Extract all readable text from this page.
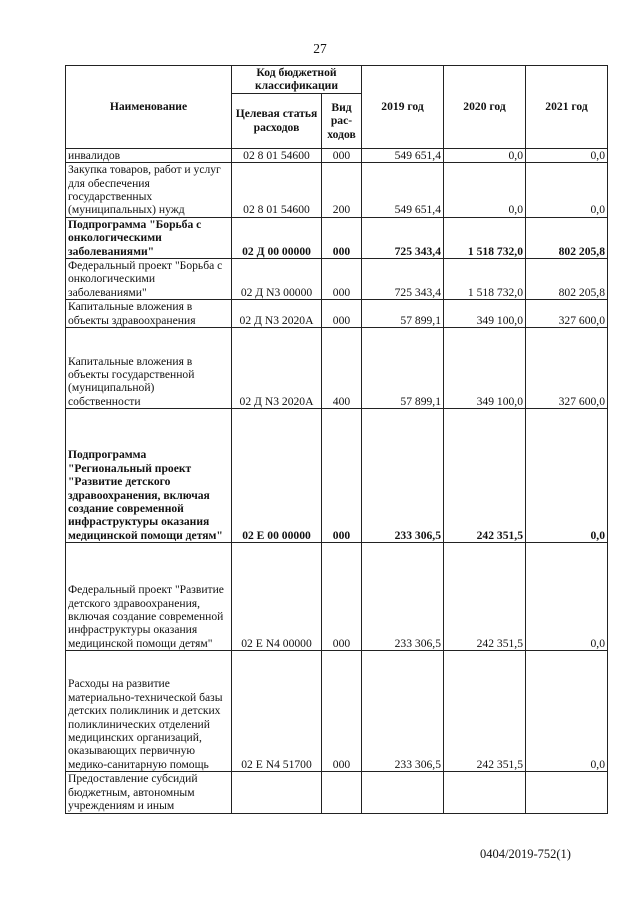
27
Наименование	Код бюджетной классификации		2019 год	2020 год	2021 год
	Целевая статья расходов	Вид рас-ходов			
инвалидов	02 8 01 54600	000	549 651,4	0,0	0,0
Закупка товаров, работ и услуг для обеспечения государственных (муниципальных) нужд	02 8 01 54600	200	549 651,4	0,0	0,0
Подпрограмма "Борьба с онкологическими заболеваниями"	02 Д 00 00000	000	725 343,4	1 518 732,0	802 205,8
Федеральный проект "Борьба с онкологическими заболеваниями"	02 Д N3 00000	000	725 343,4	1 518 732,0	802 205,8
Капитальные вложения в объекты здравоохранения	02 Д N3 2020А	000	57 899,1	349 100,0	327 600,0
Капитальные вложения в объекты государственной (муниципальной) собственности	02 Д N3 2020А	400	57 899,1	349 100,0	327 600,0
Подпрограмма "Региональный проект "Развитие детского здравоохранения, включая создание современной инфраструктуры оказания медицинской помощи детям"	02 Е 00 00000	000	233 306,5	242 351,5	0,0
Федеральный проект "Развитие детского здравоохранения, включая создание современной инфраструктуры оказания медицинской помощи детям"	02 Е N4 00000	000	233 306,5	242 351,5	0,0
Расходы на развитие материально-технической базы детских поликлиник и детских поликлинических отделений медицинских организаций, оказывающих первичную медико-санитарную помощь	02 Е N4 51700	000	233 306,5	242 351,5	0,0
Предоставление субсидий бюджетным, автономным учреждениям и иным					
0404/2019-752(1)
